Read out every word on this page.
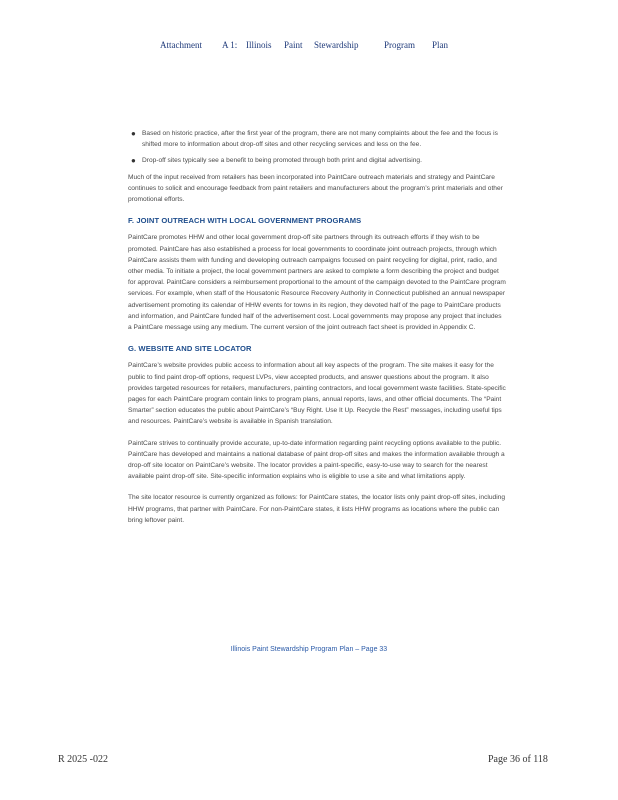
Attachment A 1: Illinois Paint Stewardship	Program Plan
● Based on historic practice, after the first year of the program, there are not many complaints about the fee and the focus is shifted more to information about drop-off sites and other recycling services and less on the fee.
● Drop-off sites typically see a benefit to being promoted through both print and digital advertising.

Much of the input received from retailers has been incorporated into PaintCare outreach materials and strategy and PaintCare continues to solicit and encourage feedback from paint retailers and manufacturers about the program’s print materials and other promotional efforts.

F. JOINT OUTREACH WITH LOCAL GOVERNMENT PROGRAMS

PaintCare promotes HHW and other local government drop-off site partners through its outreach efforts if they wish to be promoted. PaintCare has also established a process for local governments to coordinate joint outreach projects, through which PaintCare assists them with funding and developing outreach campaigns focused on paint recycling for digital, print, radio, and other media. To initiate a project, the local government partners are asked to complete a form describing the project and budget for approval. PaintCare considers a reimbursement proportional to the amount of the campaign devoted to the PaintCare program services. For example, when staff of the Housatonic Resource Recovery Authority in Connecticut published an annual newspaper advertisement promoting its calendar of HHW events for towns in its region, they devoted half of the page to PaintCare products and information, and PaintCare funded half of the advertisement cost. Local governments may propose any project that includes a PaintCare message using any medium. The current version of the joint outreach fact sheet is provided in Appendix C.

G. WEBSITE AND SITE LOCATOR

PaintCare’s website provides public access to information about all key aspects of the program. The site makes it easy for the public to find paint drop-off options, request LVPs, view accepted products, and answer questions about the program. It also provides targeted resources for retailers, manufacturers, painting contractors, and local government waste facilities. State-specific pages for each PaintCare program contain links to program plans, annual reports, laws, and other official documents. The “Paint Smarter” section educates the public about PaintCare’s “Buy Right. Use It Up. Recycle the Rest” messages, including useful tips and resources. PaintCare’s website is available in Spanish translation.

PaintCare strives to continually provide accurate, up-to-date information regarding paint recycling options available to the public. PaintCare has developed and maintains a national database of paint drop-off sites and makes the information available through a drop-off site locator on PaintCare’s website. The locator provides a paint-specific, easy-to-use way to search for the nearest available paint drop-off site. Site-specific information explains who is eligible to use a site and what limitations apply.

The site locator resource is currently organized as follows: for PaintCare states, the locator lists only paint drop-off sites, including HHW programs, that partner with PaintCare. For non-PaintCare states, it lists HHW programs as locations where the public can bring leftover paint.

Illinois Paint Stewardship Program Plan – Page 33
R 2025 -022	Page 36 of 118
